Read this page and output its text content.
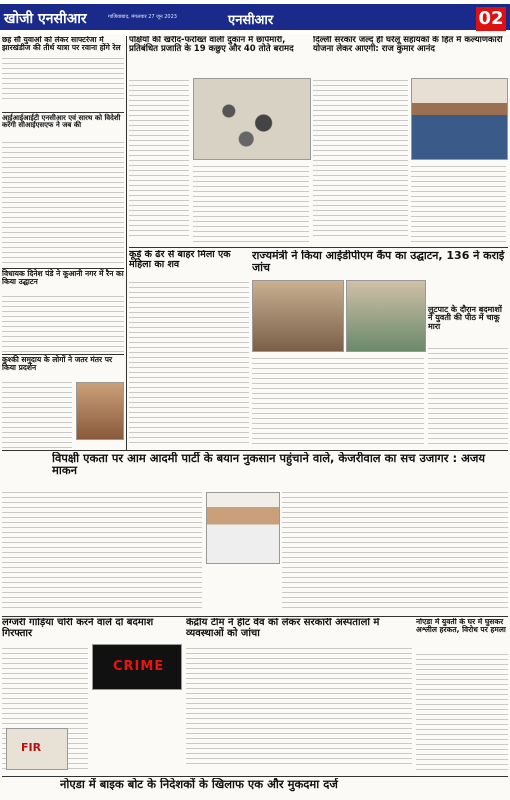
खोजी एनसीआर	गाजियाबाद, मंगलवार 27 जून 2023	एनसीआर	02
छह सौ युवाओं को लेकर साफ्टरेजा में झारखंडीज की तीर्थ यात्रा पर रवाना होंगे रेल
आईआईआईटी एनसीआर एवं सारथ को विदेशी करेंगी सीआईएसएफ ने जब की
विधायक दिनेश पंडे ने कूआनी नगर में रैन का किया उद्घाटन
कुश्की समुदाय के लोगों ने जतर मंतर पर किया प्रदर्शन
पक्षियों की खरीद-फरोख्त वाली दुकान में छापेमारी, प्रतिबंधित प्रजाति के 19 कछुए और 40 तोते बरामद
दिल्ली सरकार जल्द ही घरेलू सहायकों के हित में कल्याणकारी योजना लेकर आएगी: राज कुमार आनंद
कूड़े के ढेर से बाहर मिला एक महिला का शव
राज्यमंत्री ने किया आईडीपीएम कैंप का उद्घाटन, 136 ने कराई जांच
लूटपाट के दौरान बदमाशों ने युवती की पीठ में चाकू मारा
विपक्षी एकता पर आम आदमी पार्टी के बयान नुकसान पहुंचाने वाले, केजरीवाल का सच उजागर : अजय माकन
लग्जरी गाड़ियां चोरी करने वाले दो बदमाश गिरफ्तार
CRIME
FIR
केंद्रीय टीम ने हीट वेव को लेकर सरकारी अस्पतालों में व्यवस्थाओं को जांचा
नोएडा में युवती के घर में घुसकर अश्लील हरकत, विरोध पर हमला
नोएडा में बाइक बोट के निदेशकों के खिलाफ एक और मुकदमा दर्ज
